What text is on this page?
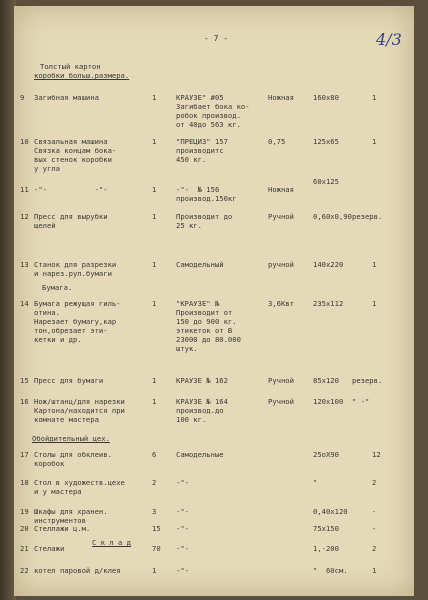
- 7 -	4/3
Толстый картон
коробки больш.размера.
9 Загибная машина	1	КРАУЗЕ" #05
Загибает бока ко-
робок производ.
от 40до 563 кг.
Ножная	160х80	1
10 Связальная машина
Связка концам бока-
вых стенок коробки
у угла
1	"ПРЕЦИЗ" 157
производитс
450 кг.
0,75	125х65	1
11 -"-           -"-	1	-"-  № 156
производ.150кг
Ножная
60х125
12 Пресс для вырубки
щелей
1	Производит до
25 кг.
Ручной	0,60х0,90 резерв.
13 Станок для разрезки
и нарез.рул.бумаги
1	Самодельный	ручной	140х220	1
14 Бумага режущая гиль-
отина.
Нарезает бумагу,кар
тон,обрезает эти-
кетки и др.
1	"КРАУЗЕ" №
Производит от
150 до 900 кг.
этикеток от В
23000 до 80.000
штук.
3,6Квт	235х112	1
15 Пресс для бумаги	1	КРАУЗЕ № 162	Ручной	85х120 резерв.
16 Нож/штанц/для нарезки
Картона/находится при
комнате мастера
1	КРАУЗЕ № 164
производ.до
100 кг.
Ручной	120х100 " -"
17 Столы для обклеив.
коробок
6	Самодельные	25оХ90	12
18 Стол в художеств.цехе
и у мастера
2	-"-	"	2
19 Шкафы для хранен.
инструментов
3	-"-	0,40х120	-
20 Стеллажи ц.м.	15 -"-	75х150	-
21 Стелажи	70 -"-	1,-200	2
22 котел паровой д/клея	1	-"-	"  60см.	1
Бумага.
Обойдительный цех.
С к л а д
